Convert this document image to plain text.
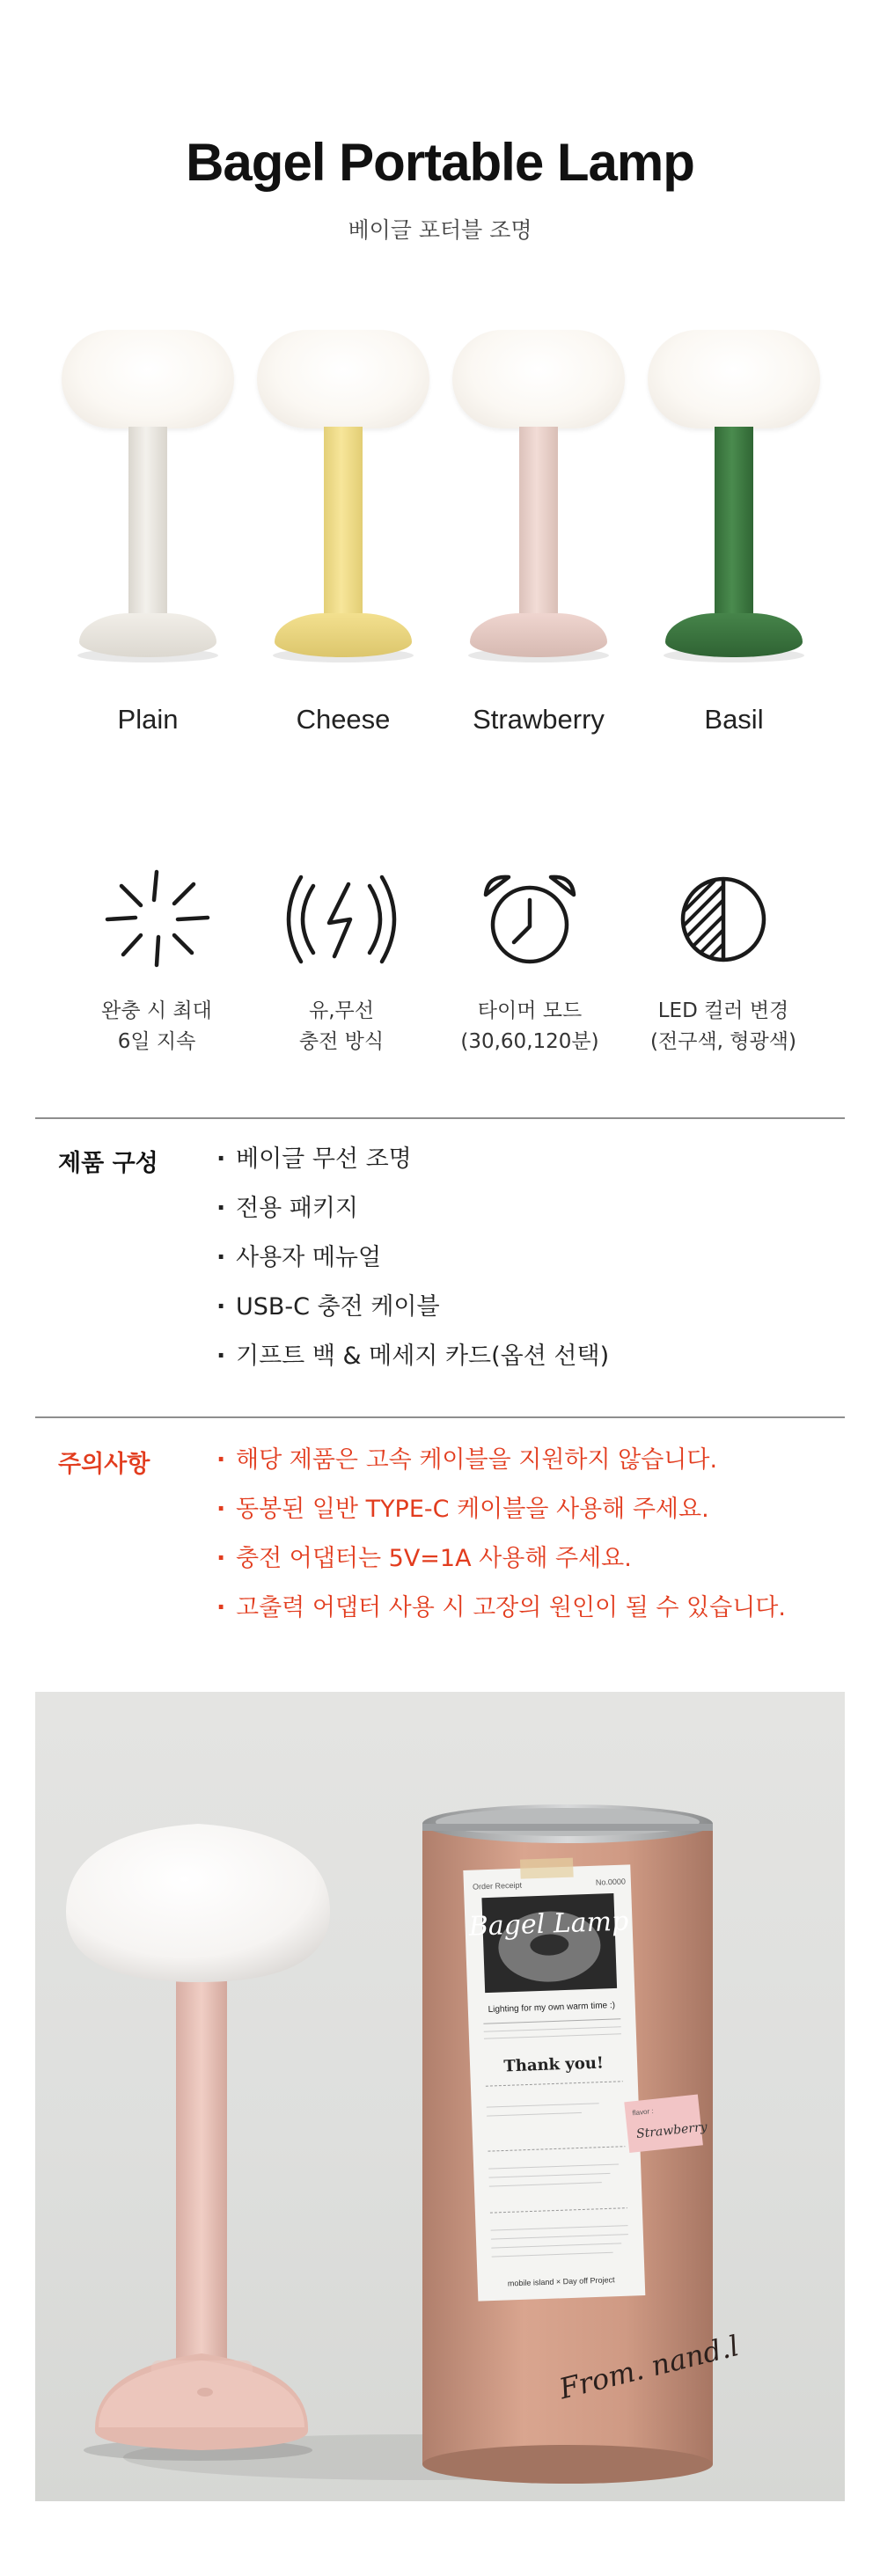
Bagel Portable Lamp
베이글 포터블 조명
Plain	Cheese	Strawberry	Basil
완충 시 최대
6일 지속
유,무선
충전 방식
타이머 모드
(30,60,120분)
LED 컬러 변경
(전구색, 형광색)
제품 구성	· 베이글 무선 조명
· 전용 패키지
· 사용자 메뉴얼
· USB-C 충전 케이블
· 기프트 백 & 메세지 카드(옵션 선택)
주의사항	· 해당 제품은 고속 케이블을 지원하지 않습니다.
· 동봉된 일반 TYPE-C 케이블을 사용해 주세요.
· 충전 어댑터는 5V=1A 사용해 주세요.
· 고출력 어댑터 사용 시 고장의 원인이 될 수 있습니다.
Order Receipt	No.0000
Bagel Lamp
Lighting for my own warm time :)
Thank you!
mobile island × Day off Project
flavor :
Strawberry
From. nand.l
